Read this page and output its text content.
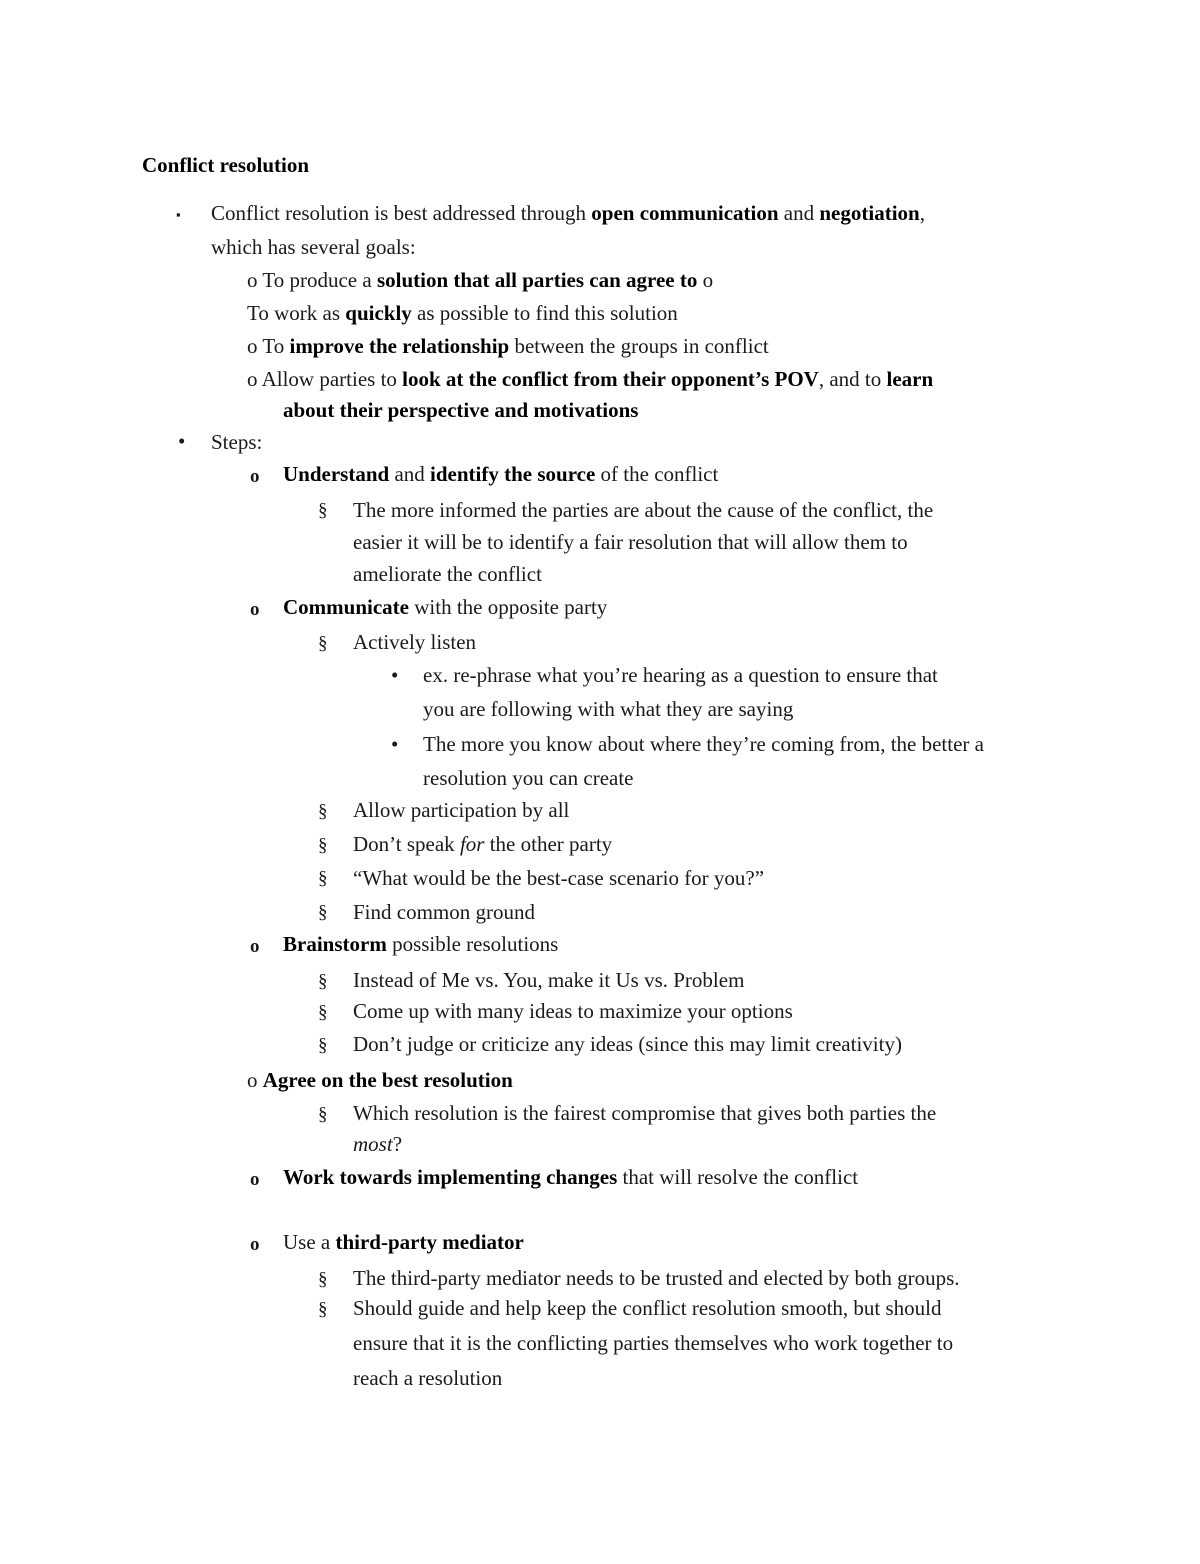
Conflict resolution
▪ Conflict resolution is best addressed through open communication and negotiation,
which has several goals:
o To produce a solution that all parties can agree to o
To work as quickly as possible to find this solution
o To improve the relationship between the groups in conflict
o Allow parties to look at the conflict from their opponent’s POV, and to learn
about their perspective and motivations
• Steps:
o Understand and identify the source of the conflict
§ The more informed the parties are about the cause of the conflict, the
easier it will be to identify a fair resolution that will allow them to
ameliorate the conflict
o Communicate with the opposite party
§ Actively listen
• ex. re-phrase what you’re hearing as a question to ensure that
you are following with what they are saying
• The more you know about where they’re coming from, the better a
resolution you can create
§ Allow participation by all
§ Don’t speak for the other party
§ “What would be the best-case scenario for you?”
§ Find common ground
o Brainstorm possible resolutions
§ Instead of Me vs. You, make it Us vs. Problem
§ Come up with many ideas to maximize your options
§ Don’t judge or criticize any ideas (since this may limit creativity)
o Agree on the best resolution
§ Which resolution is the fairest compromise that gives both parties the
most?
o Work towards implementing changes that will resolve the conflict
o Use a third-party mediator
§ The third-party mediator needs to be trusted and elected by both groups.
§ Should guide and help keep the conflict resolution smooth, but should
ensure that it is the conflicting parties themselves who work together to
reach a resolution
